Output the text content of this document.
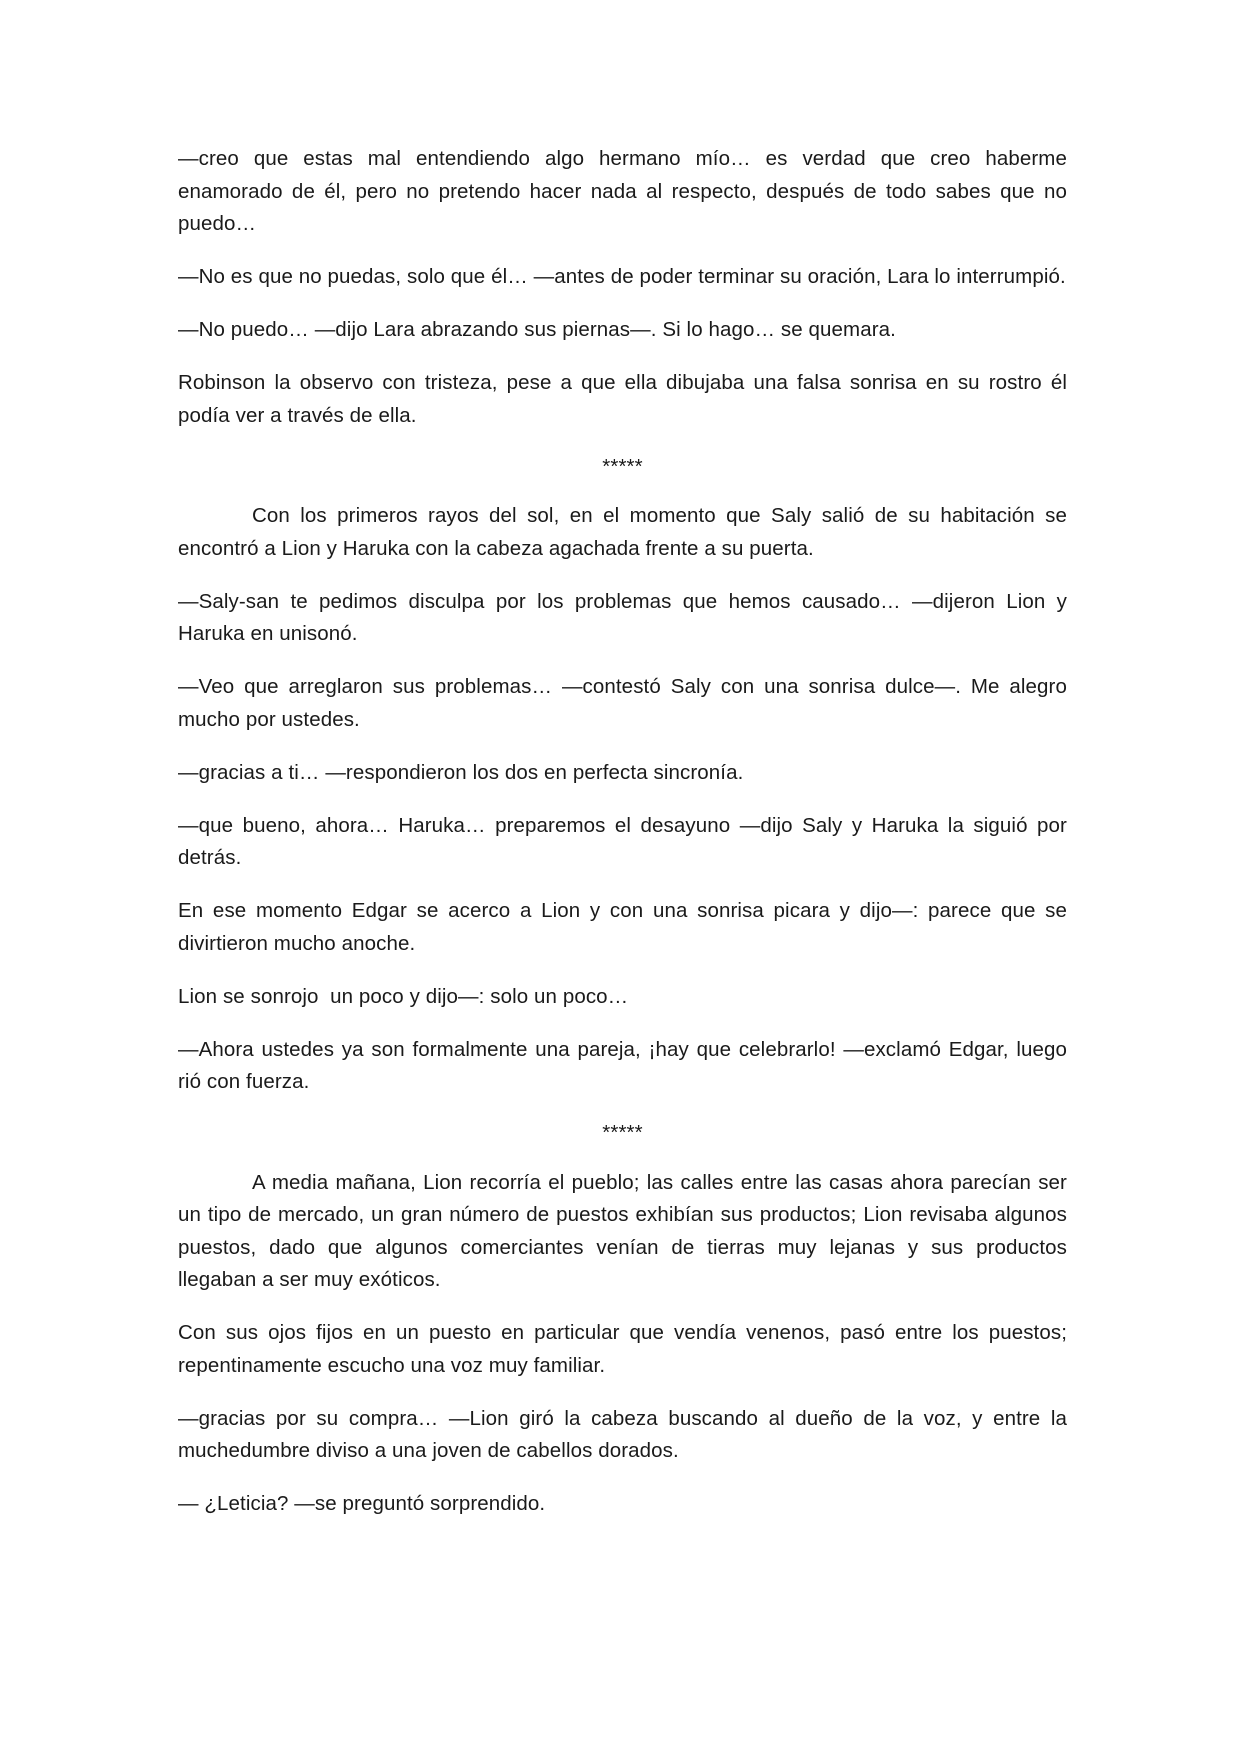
—creo que estas mal entendiendo algo hermano mío… es verdad que creo haberme enamorado de él, pero no pretendo hacer nada al respecto, después de todo sabes que no puedo…

—No es que no puedas, solo que él… —antes de poder terminar su oración, Lara lo interrumpió.

—No puedo… —dijo Lara abrazando sus piernas—. Si lo hago… se quemara.

Robinson la observo con tristeza, pese a que ella dibujaba una falsa sonrisa en su rostro él podía ver a través de ella.

*****

Con los primeros rayos del sol, en el momento que Saly salió de su habitación se encontró a Lion y Haruka con la cabeza agachada frente a su puerta.

—Saly-san te pedimos disculpa por los problemas que hemos causado… —dijeron Lion y Haruka en unisonó.

—Veo que arreglaron sus problemas… —contestó Saly con una sonrisa dulce—. Me alegro mucho por ustedes.

—gracias a ti… —respondieron los dos en perfecta sincronía.

—que bueno, ahora… Haruka… preparemos el desayuno —dijo Saly y Haruka la siguió por detrás.

En ese momento Edgar se acerco a Lion y con una sonrisa picara y dijo—: parece que se divirtieron mucho anoche.

Lion se sonrojo  un poco y dijo—: solo un poco…

—Ahora ustedes ya son formalmente una pareja, ¡hay que celebrarlo! —exclamó Edgar, luego rió con fuerza.

*****

A media mañana, Lion recorría el pueblo; las calles entre las casas ahora parecían ser un tipo de mercado, un gran número de puestos exhibían sus productos; Lion revisaba algunos puestos, dado que algunos comerciantes venían de tierras muy lejanas y sus productos llegaban a ser muy exóticos.

Con sus ojos fijos en un puesto en particular que vendía venenos, pasó entre los puestos; repentinamente escucho una voz muy familiar.

—gracias por su compra… —Lion giró la cabeza buscando al dueño de la voz, y entre la muchedumbre diviso a una joven de cabellos dorados.

— ¿Leticia? —se preguntó sorprendido.
